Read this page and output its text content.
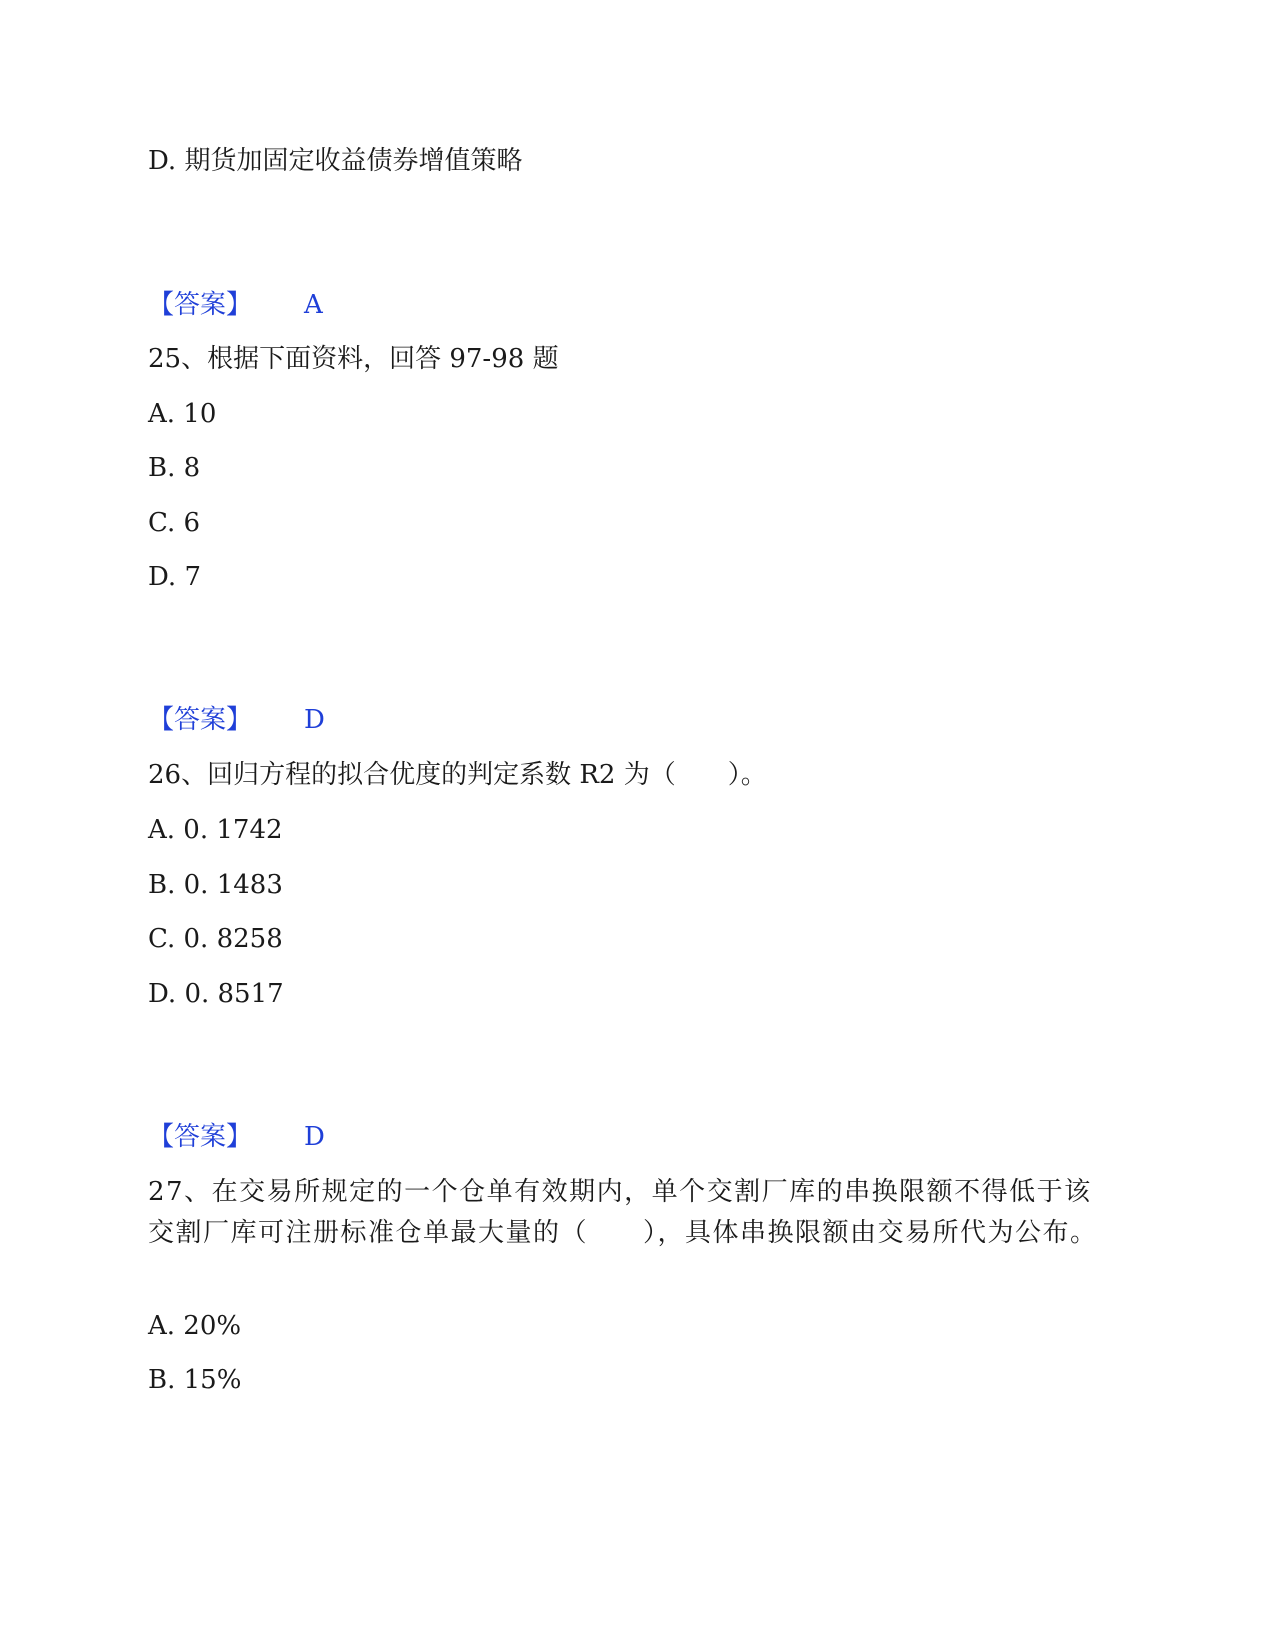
D. 期货加固定收益债券增值策略
【答案】 A
25、根据下面资料，回答 97-98 题
A. 10
B. 8
C. 6
D. 7
【答案】 D
26、回归方程的拟合优度的判定系数 R2 为（　　）。
A. 0. 1742
B. 0. 1483
C. 0. 8258
D. 0. 8517
【答案】 D
27、在交易所规定的一个仓单有效期内，单个交割厂库的串换限额不得低于该交割厂库可注册标准仓单最大量的（　　），具体串换限额由交易所代为公布。
A. 20%
B. 15%
